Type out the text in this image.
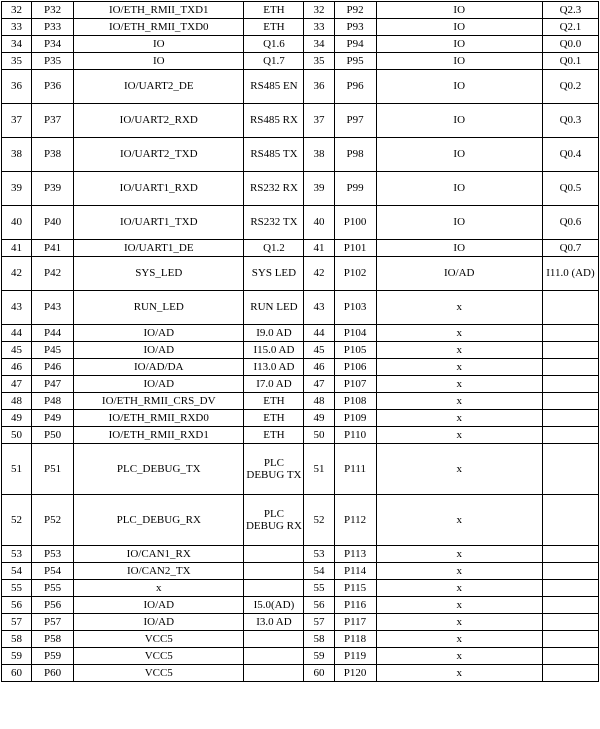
32	P32	IO/ETH_RMII_TXD1	ETH	32	P92	IO	Q2.3
33	P33	IO/ETH_RMII_TXD0	ETH	33	P93	IO	Q2.1
34	P34	IO	Q1.6	34	P94	IO	Q0.0
35	P35	IO	Q1.7	35	P95	IO	Q0.1
36	P36	IO/UART2_DE	RS485 EN	36	P96	IO	Q0.2
37	P37	IO/UART2_RXD	RS485 RX	37	P97	IO	Q0.3
38	P38	IO/UART2_TXD	RS485 TX	38	P98	IO	Q0.4
39	P39	IO/UART1_RXD	RS232 RX	39	P99	IO	Q0.5
40	P40	IO/UART1_TXD	RS232 TX	40	P100	IO	Q0.6
41	P41	IO/UART1_DE	Q1.2	41	P101	IO	Q0.7
42	P42	SYS_LED	SYS LED	42	P102	IO/AD	I11.0 (AD)
43	P43	RUN_LED	RUN LED	43	P103	x	
44	P44	IO/AD	I9.0 AD	44	P104	x	
45	P45	IO/AD	I15.0 AD	45	P105	x	
46	P46	IO/AD/DA	I13.0 AD	46	P106	x	
47	P47	IO/AD	I7.0 AD	47	P107	x	
48	P48	IO/ETH_RMII_CRS_DV	ETH	48	P108	x	
49	P49	IO/ETH_RMII_RXD0	ETH	49	P109	x	
50	P50	IO/ETH_RMII_RXD1	ETH	50	P110	x	
51	P51	PLC_DEBUG_TX	PLC DEBUG TX	51	P111	x	
52	P52	PLC_DEBUG_RX	PLC DEBUG RX	52	P112	x	
53	P53	IO/CAN1_RX		53	P113	x	
54	P54	IO/CAN2_TX		54	P114	x	
55	P55	x		55	P115	x	
56	P56	IO/AD	I5.0(AD)	56	P116	x	
57	P57	IO/AD	I3.0 AD	57	P117	x	
58	P58	VCC5		58	P118	x	
59	P59	VCC5		59	P119	x	
60	P60	VCC5		60	P120	x	
